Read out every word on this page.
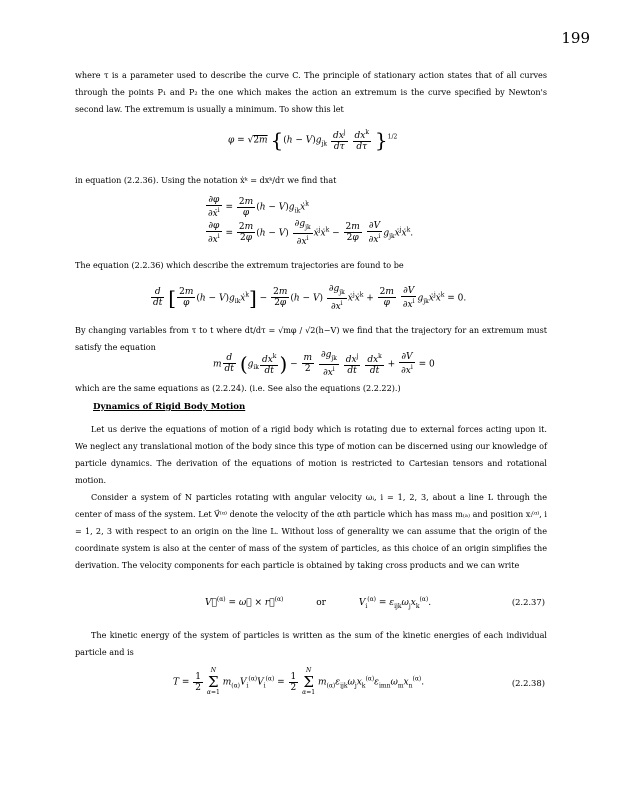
199
where τ is a parameter used to describe the curve C. The principle of stationary action states that of all curves through the points P₁ and P₂ the one which makes the action an extremum is the curve specified by Newton's second law. The extremum is usually a minimum. To show this let
φ = √2m {$(h - V)g_{jk} \frac{dx^j}{d\tau}$
$\frac{dx^k}{d\tau} \}^{1/2}$
in equation (2.2.36). Using the notation ẋᵏ = dxᵏ/dτ we find that
$\frac{\partial\varphi}{\partial ẋ^i} = \frac{2m}{\varphi} (h$ − $V)g_{ik}ẋ^k$
$\frac{\partial\varphi}{\partial x^i} = \frac{2m}{2\varphi} (h - V) \frac{\partial g_{jk}}{\partial x^i}$ ẋ$^j$ẋ$^k$ − $\frac{2m}{2\varphi}$
$\frac{\partial V}{\partial x^i}$ $g_{jk}ẋ^jẋ^k$.
The equation (2.2.36) which describe the extremum trajectories are found to be
$\frac{d}{dt}$ [ $\frac{2m}{\varphi} (h$ − $V)g_{ik}ẋ^k] - \frac{2m}{2\varphi} (h - V) \frac{\partial g_{jk}}{\partial x^i}$ ẋ$^j$ẋ$^k$ + $\frac{2m}{\varphi}$
$\frac{\partial V}{\partial x^i}$ $g_{jk}ẋ^jẋ^k = 0$.
By changing variables from τ to t where dt/dτ = √mφ / √2(h−V) we find that the trajectory for an extremum must satisfy the equation
m $\frac{d}{dt} (g_{ik} \frac{dx^k}{dt}$ ) − $\frac{m}{2}$
$\frac{\partial g_{jk}}{\partial x^i}$
$\frac{dx^j}{dt}$
$\frac{dx^k}{dt} + \frac{\partial V}{\partial x^i} = 0$
which are the same equations as (2.2.24). (i.e. See also the equations (2.2.22).)
Dynamics of Rigid Body Motion
Let us derive the equations of motion of a rigid body which is rotating due to external forces acting upon it. We neglect any translational motion of the body since this type of motion can be discerned using our knowledge of particle dynamics. The derivation of the equations of motion is restricted to Cartesian tensors and rotational motion.
Consider a system of N particles rotating with angular velocity ωᵢ, i = 1, 2, 3, about a line L through the center of mass of the system. Let V⃗⁽ᵅ⁾ denote the velocity of the αth particle which has mass m₍ₐ₎ and position xᵢ⁽ᵅ⁾, i = 1, 2, 3 with respect to an origin on the line L. Without loss of generality we can assume that the origin of the coordinate system is also at the center of mass of the system of particles, as this choice of an origin simplifies the derivation. The velocity components for each particle is obtained by taking cross products and we can write
V⃗$^{(\alpha)}$ = ω⃗ × r⃗$^{(\alpha)}$	or	$V_i^{(\alpha)} = \varepsilon_{ijk}\omega_jx_k^{(\alpha)}$.	(2.2.37)
The kinetic energy of the system of particles is written as the sum of the kinetic energies of each individual particle and is
$T = \frac{1}{2}$

N
Σ
α=1
$m_{(\alpha)}V_i^{(\alpha)}V_i^{(\alpha)} = \frac{1}{2}$

N
Σ
α=1
$m_{(\alpha)}\varepsilon_{ijk}\omega_jx_k^{(\alpha)}\varepsilon_{imn}\omega_mx_n^{(\alpha)}$.	(2.2.38)
